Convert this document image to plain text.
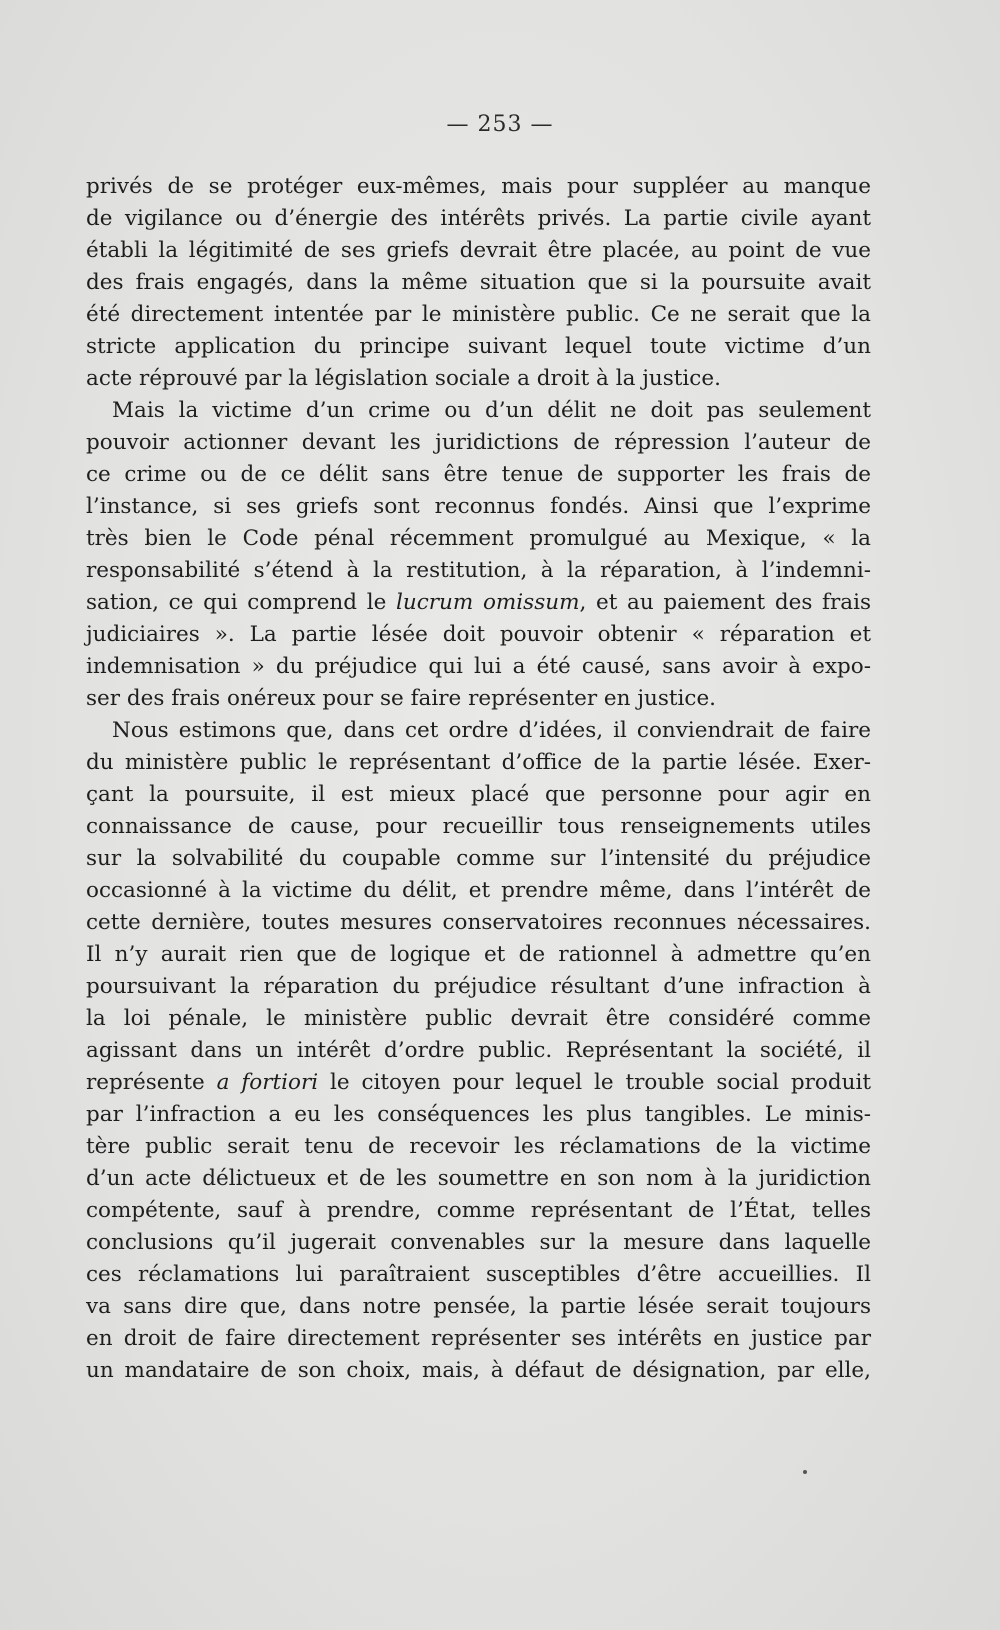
— 253 —
privés de se protéger eux-mêmes, mais pour suppléer au manque
de vigilance ou d’énergie des intérêts privés. La partie civile ayant
établi la légitimité de ses griefs devrait être placée, au point de vue
des frais engagés, dans la même situation que si la poursuite avait
été directement intentée par le ministère public. Ce ne serait que la
stricte application du principe suivant lequel toute victime d’un
acte réprouvé par la législation sociale a droit à la justice.
Mais la victime d’un crime ou d’un délit ne doit pas seulement
pouvoir actionner devant les juridictions de répression l’auteur de
ce crime ou de ce délit sans être tenue de supporter les frais de
l’instance, si ses griefs sont reconnus fondés. Ainsi que l’exprime
très bien le Code pénal récemment promulgué au Mexique, « la
responsabilité s’étend à la restitution, à la réparation, à l’indemni-
sation, ce qui comprend le lucrum omissum, et au paiement des frais
judiciaires ». La partie lésée doit pouvoir obtenir « réparation et
indemnisation » du préjudice qui lui a été causé, sans avoir à expo-
ser des frais onéreux pour se faire représenter en justice.
Nous estimons que, dans cet ordre d’idées, il conviendrait de faire
du ministère public le représentant d’office de la partie lésée. Exer-
çant la poursuite, il est mieux placé que personne pour agir en
connaissance de cause, pour recueillir tous renseignements utiles
sur la solvabilité du coupable comme sur l’intensité du préjudice
occasionné à la victime du délit, et prendre même, dans l’intérêt de
cette dernière, toutes mesures conservatoires reconnues nécessaires.
Il n’y aurait rien que de logique et de rationnel à admettre qu’en
poursuivant la réparation du préjudice résultant d’une infraction à
la loi pénale, le ministère public devrait être considéré comme
agissant dans un intérêt d’ordre public. Représentant la société, il
représente a fortiori le citoyen pour lequel le trouble social produit
par l’infraction a eu les conséquences les plus tangibles. Le minis-
tère public serait tenu de recevoir les réclamations de la victime
d’un acte délictueux et de les soumettre en son nom à la juridiction
compétente, sauf à prendre, comme représentant de l’État, telles
conclusions qu’il jugerait convenables sur la mesure dans laquelle
ces réclamations lui paraîtraient susceptibles d’être accueillies. Il
va sans dire que, dans notre pensée, la partie lésée serait toujours
en droit de faire directement représenter ses intérêts en justice par
un mandataire de son choix, mais, à défaut de désignation, par elle,
